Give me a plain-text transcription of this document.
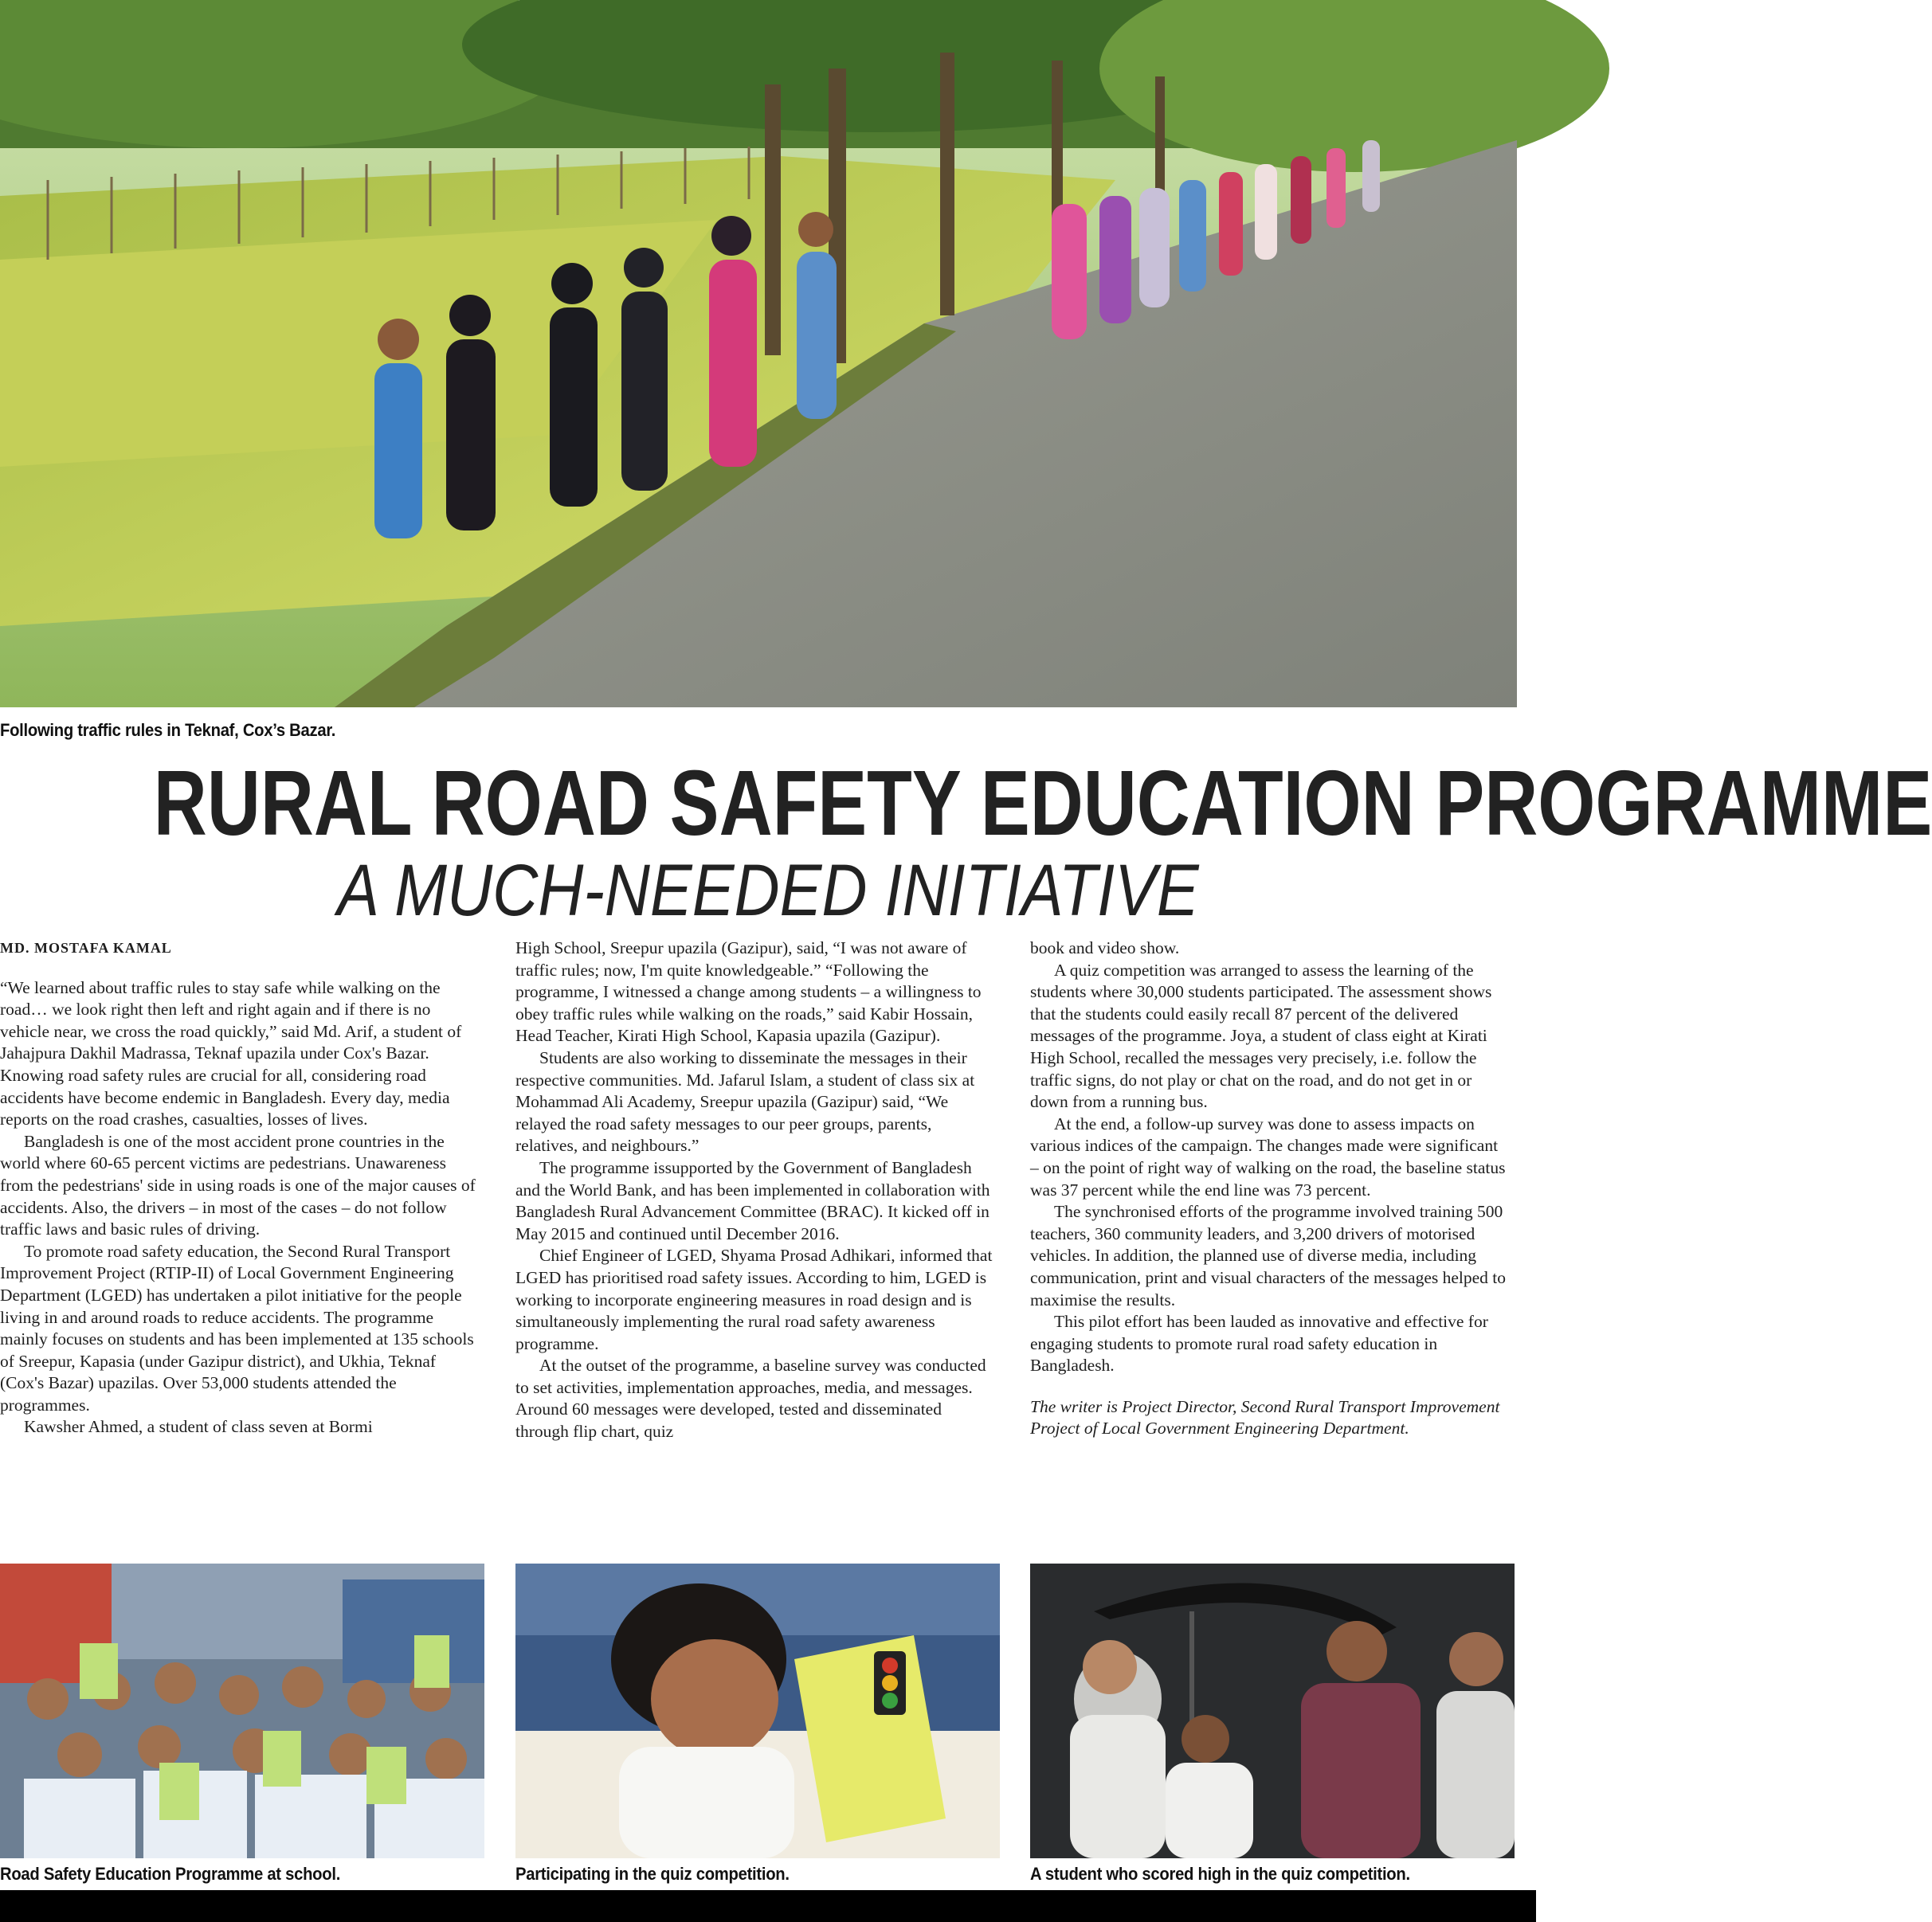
Following traffic rules in Teknaf, Cox’s Bazar.
RURAL ROAD SAFETY EDUCATION PROGRAMME
A MUCH-NEEDED INITIATIVE

MD. MOSTAFA KAMAL

“We learned about traffic rules to stay safe while walking on the road… we look right then left and right again and if there is no vehicle near, we cross the road quickly,” said Md. Arif, a student of Jahajpura Dakhil Madrassa, Teknaf upazila under Cox's Bazar. Knowing road safety rules are crucial for all, considering road accidents have become endemic in Bangladesh. Every day, media reports on the road crashes, casualties, losses of lives.

Bangladesh is one of the most accident prone countries in the world where 60-65 percent victims are pedestrians. Unawareness from the pedestrians' side in using roads is one of the major causes of accidents. Also, the drivers – in most of the cases – do not follow traffic laws and basic rules of driving.

To promote road safety education, the Second Rural Transport Improvement Project (RTIP-II) of Local Government Engineering Department (LGED) has undertaken a pilot initiative for the people living in and around roads to reduce accidents. The programme mainly focuses on students and has been implemented at 135 schools of Sreepur, Kapasia (under Gazipur district), and Ukhia, Teknaf (Cox's Bazar) upazilas. Over 53,000 students attended the programmes.

Kawsher Ahmed, a student of class seven at Bormi

High School, Sreepur upazila (Gazipur), said, “I was not aware of traffic rules; now, I'm quite knowledgeable.” “Following the programme, I witnessed a change among students – a willingness to obey traffic rules while walking on the roads,” said Kabir Hossain, Head Teacher, Kirati High School, Kapasia upazila (Gazipur).

Students are also working to disseminate the messages in their respective communities. Md. Jafarul Islam, a student of class six at Mohammad Ali Academy, Sreepur upazila (Gazipur) said, “We relayed the road safety messages to our peer groups, parents, relatives, and neighbours.”

The programme issupported by the Government of Bangladesh and the World Bank, and has been implemented in collaboration with Bangladesh Rural Advancement Committee (BRAC). It kicked off in May 2015 and continued until December 2016.

Chief Engineer of LGED, Shyama Prosad Adhikari, informed that LGED has prioritised road safety issues. According to him, LGED is working to incorporate engineering measures in road design and is simultaneously implementing the rural road safety awareness programme.

At the outset of the programme, a baseline survey was conducted to set activities, implementation approaches, media, and messages. Around 60 messages were developed, tested and disseminated through flip chart, quiz

book and video show.

A quiz competition was arranged to assess the learning of the students where 30,000 students participated. The assessment shows that the students could easily recall 87 percent of the delivered messages of the programme. Joya, a student of class eight at Kirati High School, recalled the messages very precisely, i.e. follow the traffic signs, do not play or chat on the road, and do not get in or down from a running bus.

At the end, a follow-up survey was done to assess impacts on various indices of the campaign. The changes made were significant – on the point of right way of walking on the road, the baseline status was 37 percent while the end line was 73 percent.

The synchronised efforts of the programme involved training 500 teachers, 360 community leaders, and 3,200 drivers of motorised vehicles. In addition, the planned use of diverse media, including communication, print and visual characters of the messages helped to maximise the results.

This pilot effort has been lauded as innovative and effective for engaging students to promote rural road safety education in Bangladesh.

The writer is Project Director, Second Rural Transport Improvement Project of Local Government Engineering Department.

Road Safety Education Programme at school.	Participating in the quiz competition.	A student who scored high in the quiz competition.
